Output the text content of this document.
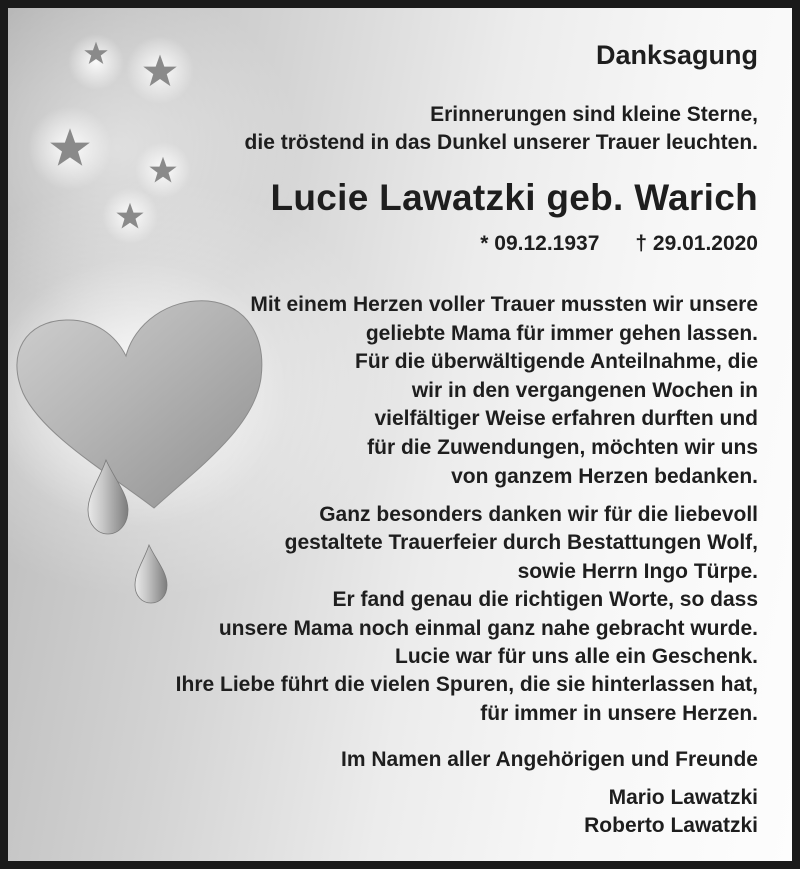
Danksagung
Erinnerungen sind kleine Sterne,
die tröstend in das Dunkel unserer Trauer leuchten.
Lucie Lawatzki geb. Warich
* 09.12.1937 † 29.01.2020
Mit einem Herzen voller Trauer mussten wir unsere
geliebte Mama für immer gehen lassen.
Für die überwältigende Anteilnahme, die
wir in den vergangenen Wochen in
vielfältiger Weise erfahren durften und
für die Zuwendungen, möchten wir uns
von ganzem Herzen bedanken.
Ganz besonders danken wir für die liebevoll
gestaltete Trauerfeier durch Bestattungen Wolf,
sowie Herrn Ingo Türpe.
Er fand genau die richtigen Worte, so dass
unsere Mama noch einmal ganz nahe gebracht wurde.
Lucie war für uns alle ein Geschenk.
Ihre Liebe führt die vielen Spuren, die sie hinterlassen hat,
für immer in unsere Herzen.
Im Namen aller Angehörigen und Freunde
Mario Lawatzki
Roberto Lawatzki
